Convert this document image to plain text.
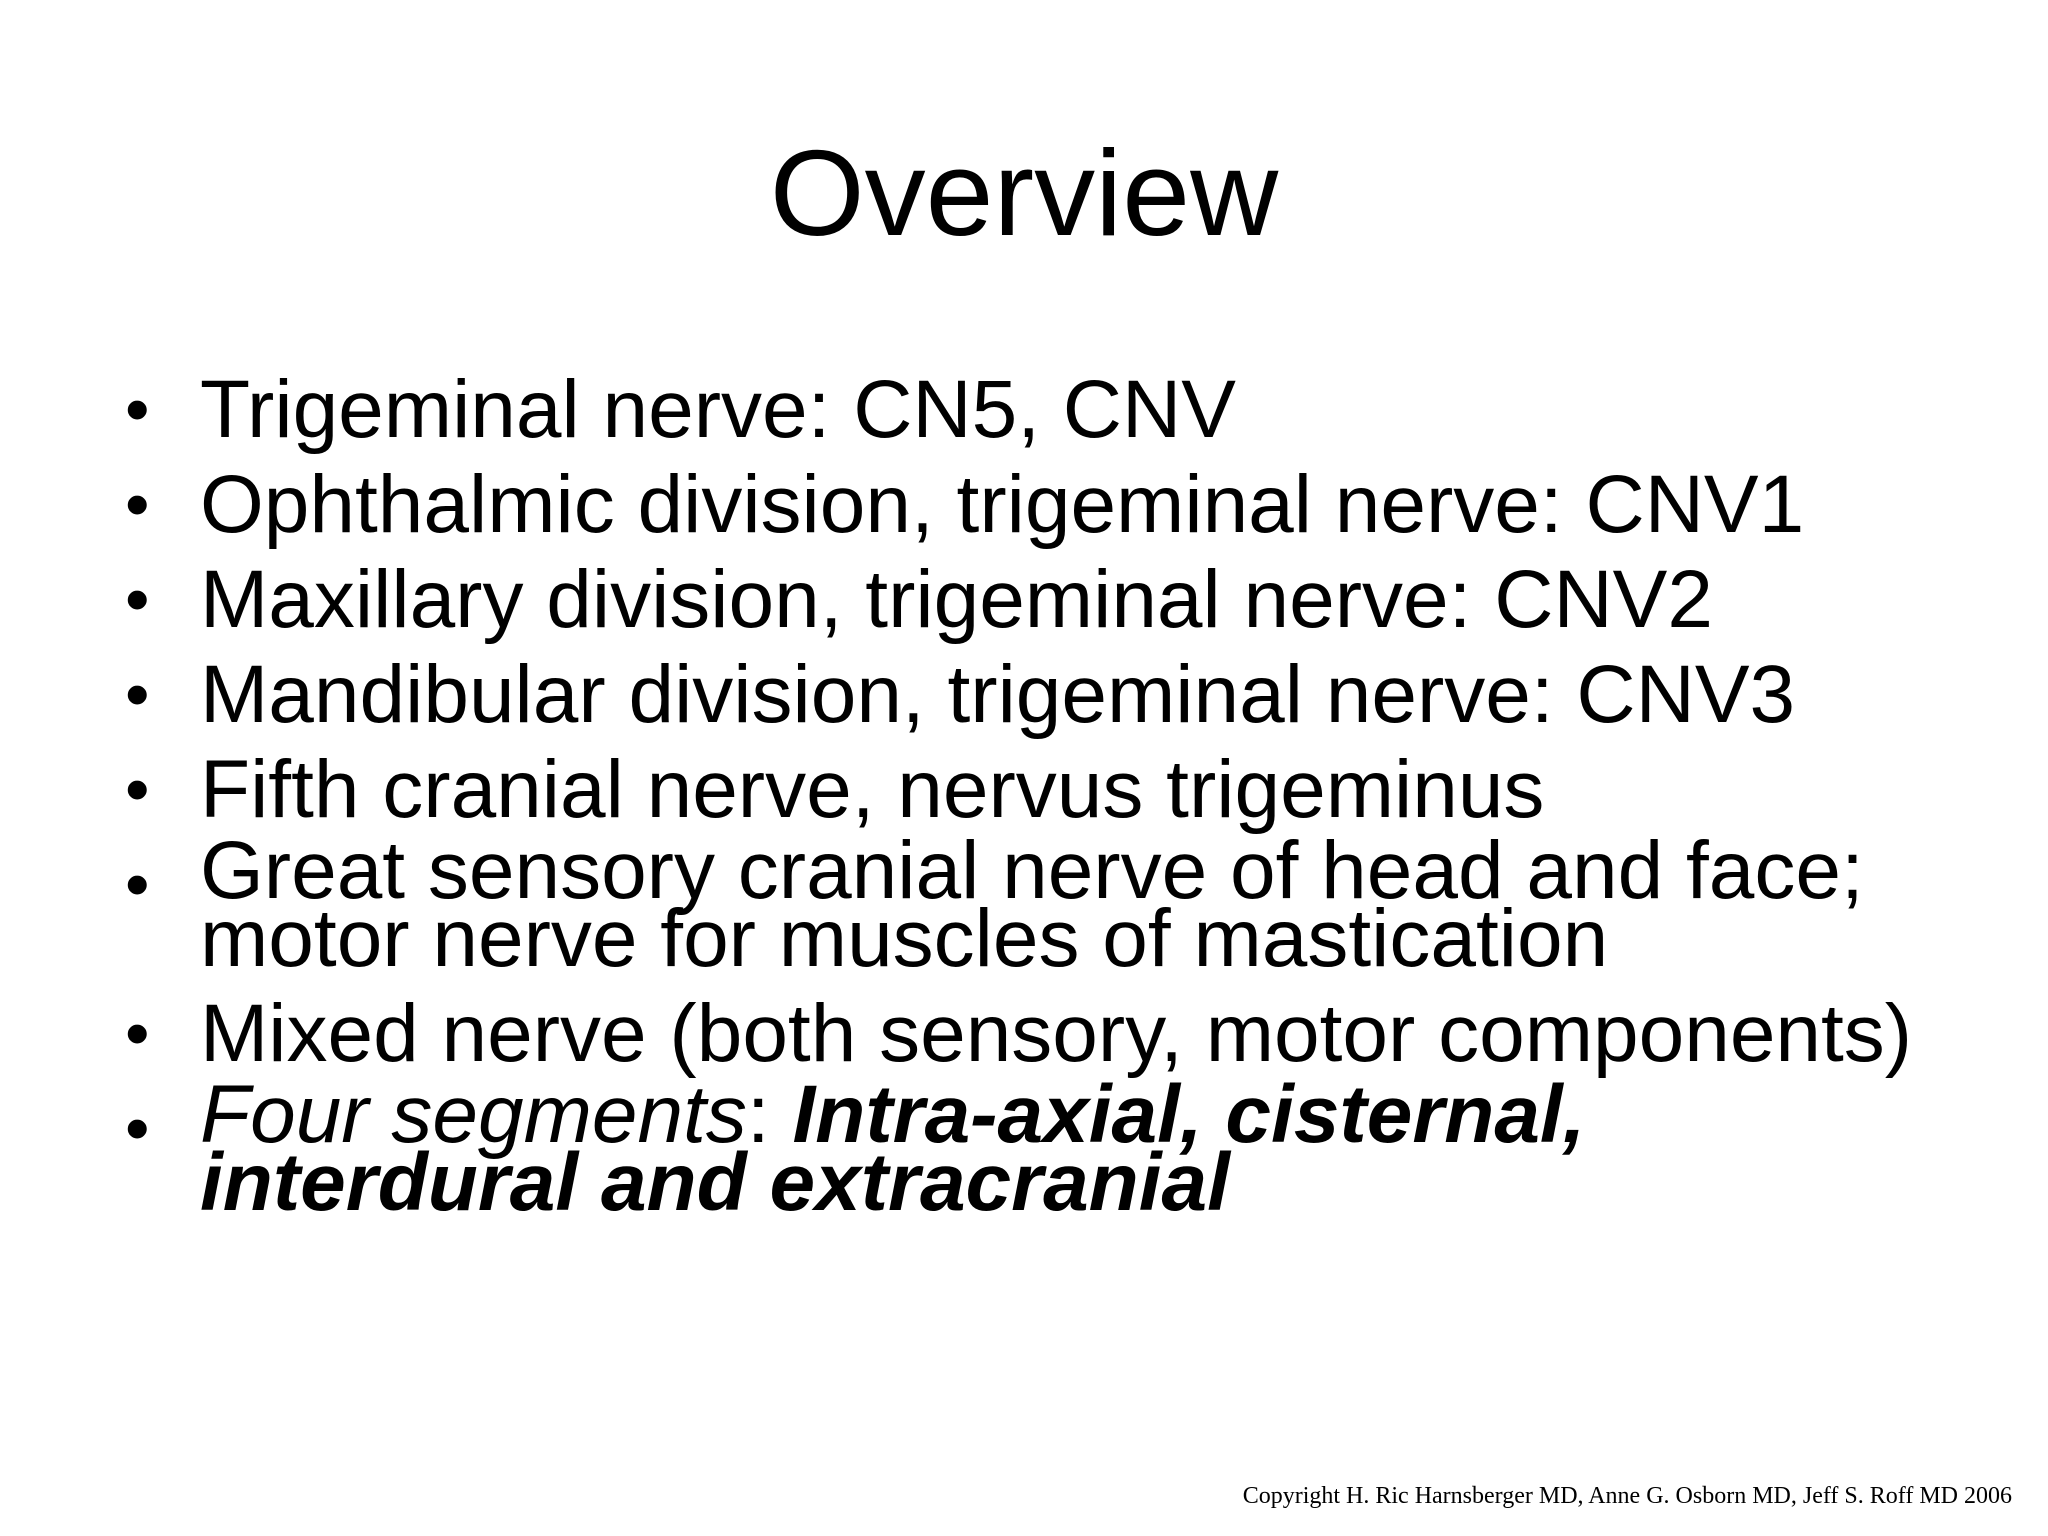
Overview
• Trigeminal nerve: CN5, CNV
• Ophthalmic division, trigeminal nerve: CNV1
• Maxillary division, trigeminal nerve: CNV2
• Mandibular division, trigeminal nerve: CNV3
• Fifth cranial nerve, nervus trigeminus
• Great sensory cranial nerve of head and face;
motor nerve for muscles of mastication
• Mixed nerve (both sensory, motor components)
• Four segments: Intra-axial, cisternal,
interdural and extracranial
Copyright H. Ric Harnsberger MD, Anne G. Osborn MD, Jeff S. Roff MD 2006
